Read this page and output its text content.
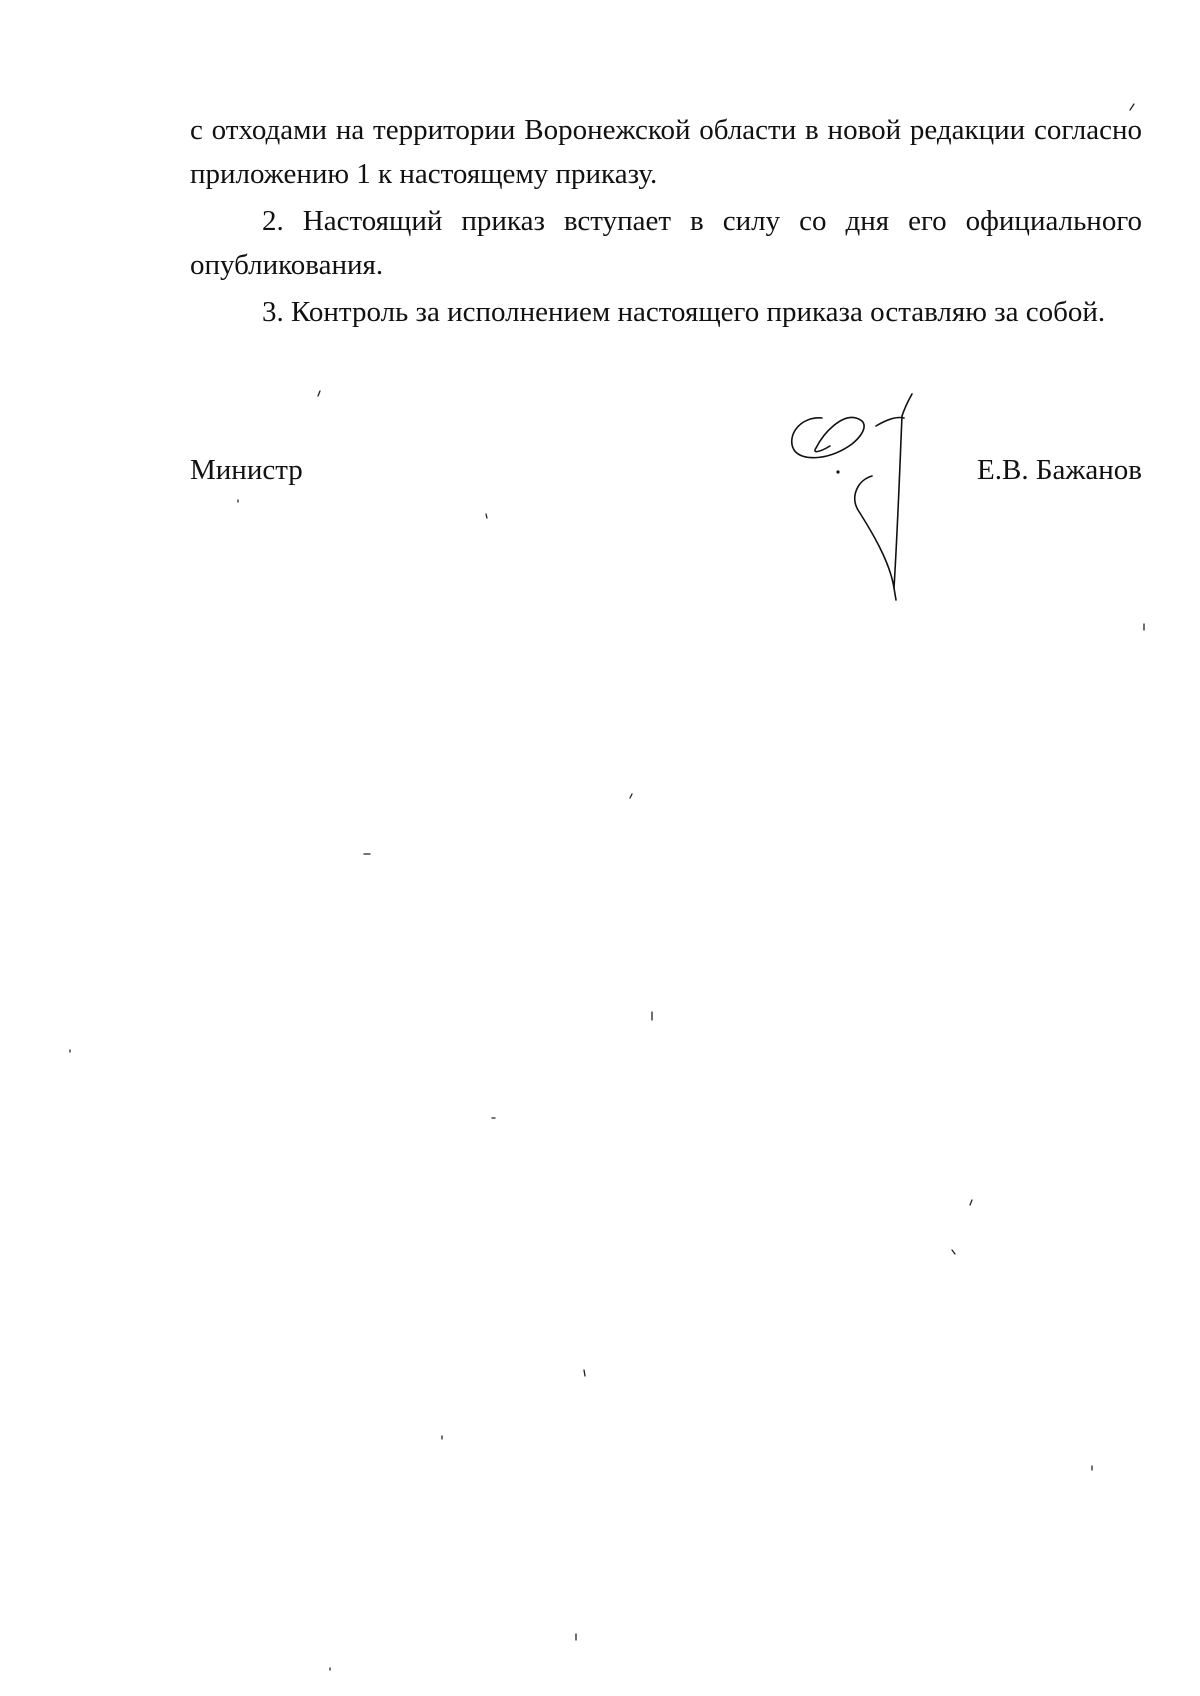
с отходами на территории Воронежской области в новой редакции согласно приложению 1 к настоящему приказу.

2. Настоящий приказ вступает в силу со дня его официального опубликования.

3. Контроль за исполнением настоящего приказа оставляю за собой.

Министр	Е.В. Бажанов
